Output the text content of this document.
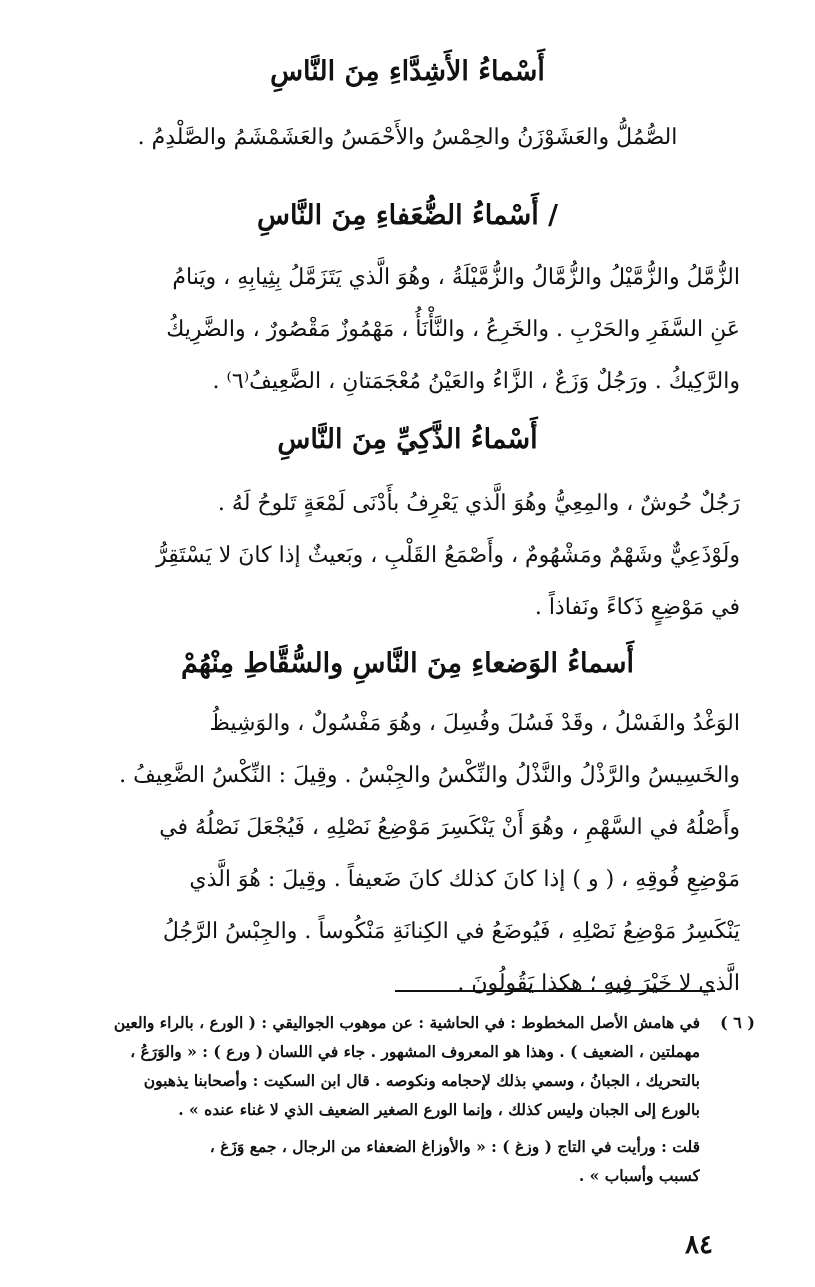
أَسْماءُ الأَشِدَّاءِ مِنَ النَّاسِ
الصُّمُلُّ والعَشَوْزَنُ والحِمْسُ والأَحْمَسُ والعَشَمْشَمُ والصَّلْدِمُ .
/ أَسْماءُ الضُّعَفاءِ مِنَ النَّاسِ
الزُّمَّلُ والزُّمَّيْلُ والزُّمَّالُ والزُّمَّيْلَةُ ، وهُوَ الَّذي يَتَزَمَّلُ بِثِيابِهِ ، ويَنامُ
عَنِ السَّفَرِ والحَرْبِ . والخَرِعُ ، والنَّأْنَأُ ، مَهْمُوزٌ مَقْصُورٌ ، والضَّرِيكُ
والرَّكِيكُ . ورَجُلٌ وَزَعٌ ، الزَّاءُ والعَيْنُ مُعْجَمَتانِ ، الضَّعِيفُ⁽٦⁾ .
أَسْماءُ الذَّكِيِّ مِنَ النَّاسِ
رَجُلٌ حُوشٌ ، والمِعِيُّ وهُوَ الَّذي يَعْرِفُ بأَدْنَى لَمْعَةٍ تَلوحُ لَهُ .
ولَوْذَعِيٌّ وشَهْمٌ ومَشْهُومٌ ، وأَصْمَعُ القَلْبِ ، وبَعيثٌ إذا كانَ لا يَسْتَقِرُّ
في مَوْضِعٍ ذَكاءً ونَفاذاً .
أَسماءُ الوَضعاءِ مِنَ النَّاسِ والسُّقَّاطِ مِنْهُمْ
الوَغْدُ والفَسْلُ ، وقَدْ فَسُلَ وفُسِلَ ، وهُوَ مَفْسُولٌ ، والوَشِيظُ
والخَسِيسُ والرَّذْلُ والنَّذْلُ والنِّكْسُ والجِبْسُ . وقِيلَ : النِّكْسُ الضَّعِيفُ .
وأَصْلُهُ في السَّهْمِ ، وهُوَ أَنْ يَنْكَسِرَ مَوْضِعُ نَصْلِهِ ، فَيُجْعَلَ نَصْلُهُ في
مَوْضِعِ فُوقِهِ ، ( و ) إذا كانَ كذلك كانَ ضَعيفاً . وقِيلَ : هُوَ الَّذي
يَنْكَسِرُ مَوْضِعُ نَصْلِهِ ، فَيُوضَعُ في الكِنانَةِ مَنْكُوساً . والجِبْسُ الرَّجُلُ
الَّذي لا خَيْرَ فِيهِ ؛ هكذا يَقُولُونَ .
( ٦ )
في هامش الأصل المخطوط : في الحاشية : عن موهوب الجواليقي : ( الورع ، بالراء والعين
مهملتين ، الضعيف ) . وهذا هو المعروف المشهور . جاء في اللسان ( ورع ) : « والوَرَعُ ،
بالتحريك ، الجبانُ ، وسمي بذلك لإحجامه ونكوصه . قال ابن السكيت : وأصحابنا يذهبون
بالورع إلى الجبان وليس كذلك ، وإنما الورع الصغير الضعيف الذي لا غناء عنده » .
قلت : ورأيت في التاج ( وزغ ) : « والأوزاغ الضعفاء من الرجال ، جمع وَزَغ ،
كسبب وأسباب » .
٨٤
